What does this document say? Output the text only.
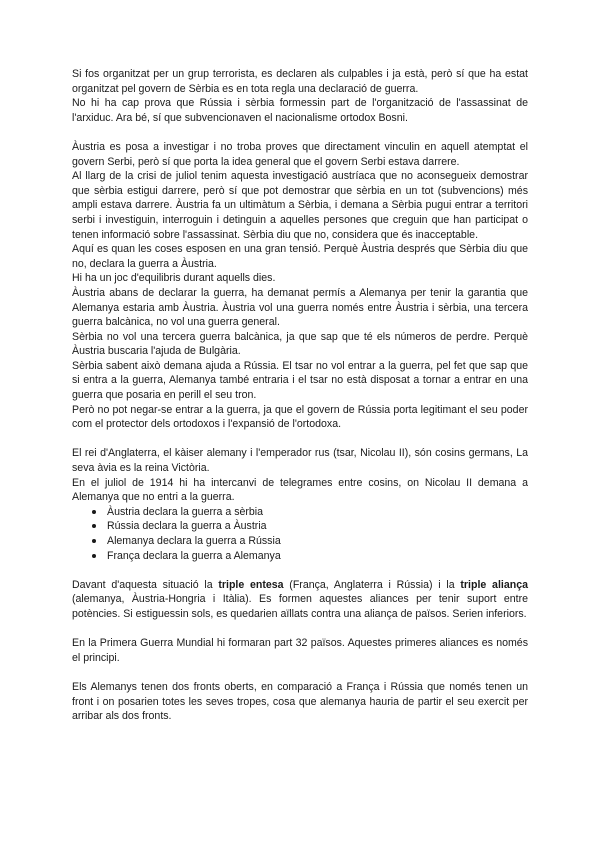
Si fos organitzat per un grup terrorista, es declaren als culpables i ja està, però sí que ha estat organitzat pel govern de Sèrbia es en tota regla una declaració de guerra.

No hi ha cap prova que Rússia i sèrbia formessin part de l'organització de l'assassinat de l'arxiduc. Ara bé, sí que subvencionaven el nacionalisme ortodox Bosni.

Àustria es posa a investigar i no troba proves que directament vinculin en aquell atemptat el govern Serbi, però sí que porta la idea general que el govern Serbi estava darrere.

Al llarg de la crisi de juliol tenim aquesta investigació austríaca que no aconsegueix demostrar que sèrbia estigui darrere, però sí que pot demostrar que sèrbia en un tot (subvencions) més ampli estava darrere. Àustria fa un ultimàtum a Sèrbia, i demana a Sèrbia pugui entrar a territori serbi i investiguin, interroguin i detinguin a aquelles persones que creguin que han participat o tenen informació sobre l'assassinat. Sèrbia diu que no, considera que és inacceptable.

Aquí es quan les coses esposen en una gran tensió. Perquè Àustria després que Sèrbia diu que no, declara la guerra a Àustria.

Hi ha un joc d'equilibris durant aquells dies.

Àustria abans de declarar la guerra, ha demanat permís a Alemanya per tenir la garantia que Alemanya estaria amb Àustria. Àustria vol una guerra només entre Àustria i sèrbia, una tercera guerra balcànica, no vol una guerra general.

Sèrbia no vol una tercera guerra balcànica, ja que sap que té els números de perdre. Perquè Àustria buscaria l'ajuda de Bulgària.

Sèrbia sabent això demana ajuda a Rússia. El tsar no vol entrar a la guerra, pel fet que sap que si entra a la guerra, Alemanya també entraria i el tsar no està disposat a tornar a entrar en una guerra que posaria en perill el seu tron.

Però no pot negar-se entrar a la guerra, ja que el govern de Rússia porta legitimant el seu poder com el protector dels ortodoxos i l'expansió de l'ortodoxa.

El rei d'Anglaterra, el kàiser alemany i l'emperador rus (tsar, Nicolau II), són cosins germans, La seva àvia es la reina Victòria.

En el juliol de 1914 hi ha intercanvi de telegrames entre cosins, on Nicolau II demana a Alemanya que no entri a la guerra.

Àustria declara la guerra a sèrbia
Rússia declara la guerra a Àustria
Alemanya declara la guerra a Rússia
França declara la guerra a Alemanya

Davant d'aquesta situació la triple entesa (França, Anglaterra i Rússia) i la triple aliança (alemanya, Àustria-Hongria i Itàlia). Es formen aquestes aliances per tenir suport entre potències. Si estiguessin sols, es quedarien aïllats contra una aliança de països. Serien inferiors.

En la Primera Guerra Mundial hi formaran part 32 països. Aquestes primeres aliances es només el principi.

Els Alemanys tenen dos fronts oberts, en comparació a França i Rússia que només tenen un front i on posarien totes les seves tropes, cosa que alemanya hauria de partir el seu exercit per arribar als dos fronts.
